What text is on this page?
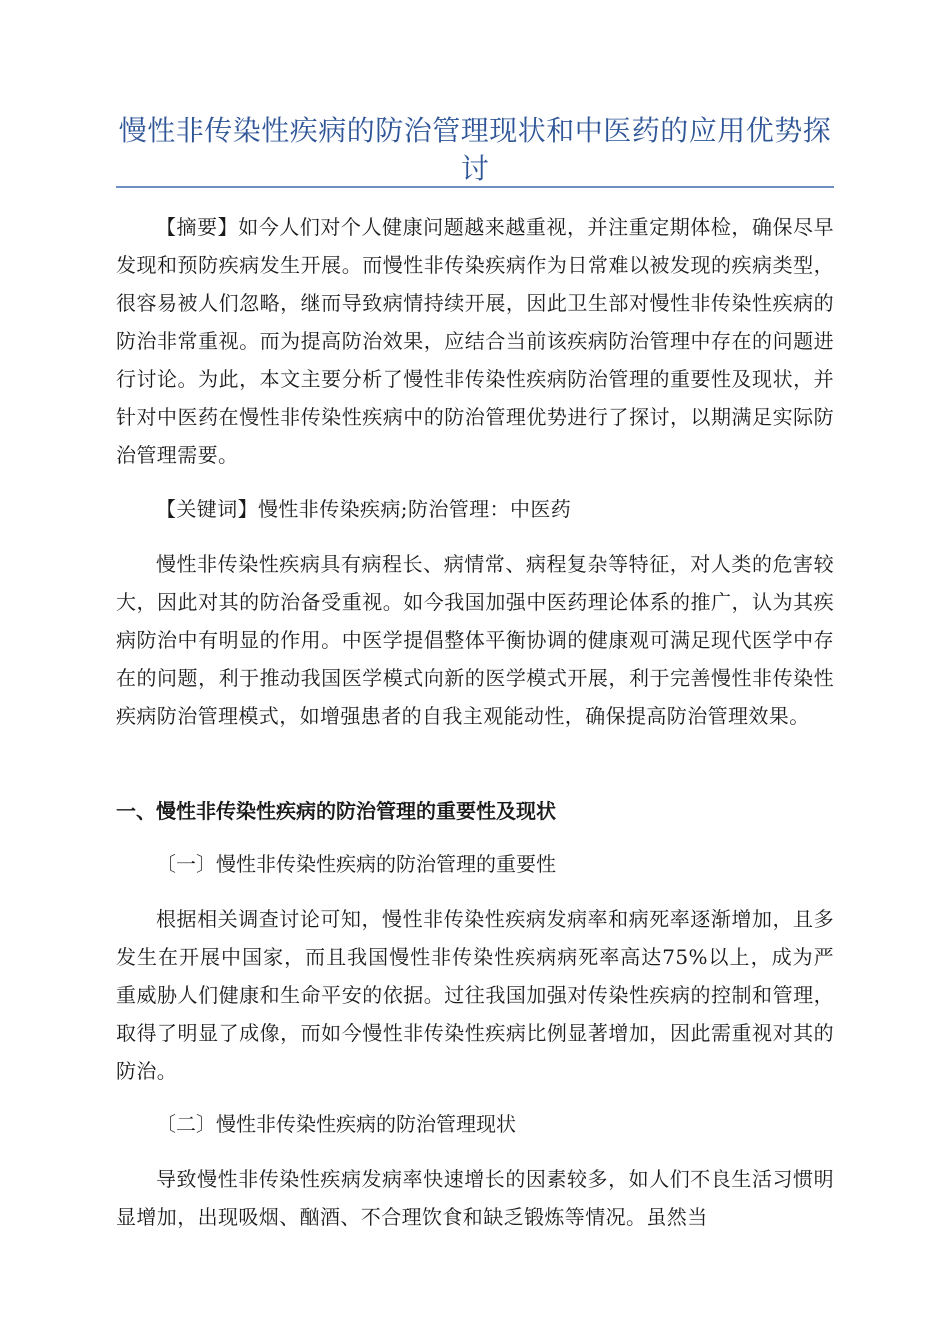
慢性非传染性疾病的防治管理现状和中医药的应用优势探讨

【摘要】如今人们对个人健康问题越来越重视，并注重定期体检，确保尽早发现和预防疾病发生开展。而慢性非传染疾病作为日常难以被发现的疾病类型，很容易被人们忽略，继而导致病情持续开展，因此卫生部对慢性非传染性疾病的防治非常重视。而为提高防治效果，应结合当前该疾病防治管理中存在的问题进行讨论。为此，本文主要分析了慢性非传染性疾病防治管理的重要性及现状，并针对中医药在慢性非传染性疾病中的防治管理优势进行了探讨，以期满足实际防治管理需要。

【关键词】慢性非传染疾病;防治管理：中医药

慢性非传染性疾病具有病程长、病情常、病程复杂等特征，对人类的危害较大，因此对其的防治备受重视。如今我国加强中医药理论体系的推广，认为其疾病防治中有明显的作用。中医学提倡整体平衡协调的健康观可满足现代医学中存在的问题，利于推动我国医学模式向新的医学模式开展，利于完善慢性非传染性疾病防治管理模式，如增强患者的自我主观能动性，确保提高防治管理效果。

一、慢性非传染性疾病的防治管理的重要性及现状

〔一〕慢性非传染性疾病的防治管理的重要性

根据相关调查讨论可知，慢性非传染性疾病发病率和病死率逐渐增加，且多发生在开展中国家，而且我国慢性非传染性疾病病死率高达75%以上，成为严重威胁人们健康和生命平安的依据。过往我国加强对传染性疾病的控制和管理，取得了明显了成像，而如今慢性非传染性疾病比例显著增加，因此需重视对其的防治。

〔二〕慢性非传染性疾病的防治管理现状

导致慢性非传染性疾病发病率快速增长的因素较多，如人们不良生活习惯明显增加，出现吸烟、酗酒、不合理饮食和缺乏锻炼等情况。虽然当
